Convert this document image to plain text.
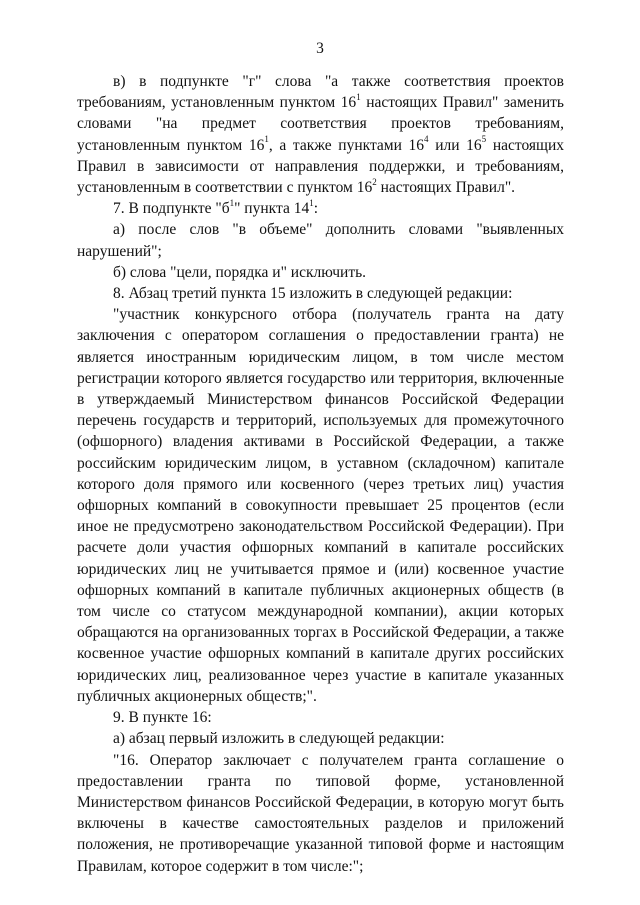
3

в) в подпункте "г" слова "а также соответствия проектов требованиям, установленным пунктом $16^1$ настоящих Правил" заменить словами "на предмет соответствия проектов требованиям, установленным пунктом $16^1$, а также пунктами $16^4$ или $16^5$ настоящих Правил в зависимости от направления поддержки, и требованиям, установленным в соответствии с пунктом $16^2$ настоящих Правил".

7. В подпункте "$б^1$" пункта $14^1$:

а) после слов "в объеме" дополнить словами "выявленных нарушений";

б) слова "цели, порядка и" исключить.

8. Абзац третий пункта 15 изложить в следующей редакции:

"участник конкурсного отбора (получатель гранта на дату заключения с оператором соглашения о предоставлении гранта) не является иностранным юридическим лицом, в том числе местом регистрации которого является государство или территория, включенные в утверждаемый Министерством финансов Российской Федерации перечень государств и территорий, используемых для промежуточного (офшорного) владения активами в Российской Федерации, а также российским юридическим лицом, в уставном (складочном) капитале которого доля прямого или косвенного (через третьих лиц) участия офшорных компаний в совокупности превышает 25 процентов (если иное не предусмотрено законодательством Российской Федерации). При расчете доли участия офшорных компаний в капитале российских юридических лиц не учитывается прямое и (или) косвенное участие офшорных компаний в капитале публичных акционерных обществ (в том числе со статусом международной компании), акции которых обращаются на организованных торгах в Российской Федерации, а также косвенное участие офшорных компаний в капитале других российских юридических лиц, реализованное через участие в капитале указанных публичных акционерных обществ;".

9. В пункте 16:

а) абзац первый изложить в следующей редакции:

"16. Оператор заключает с получателем гранта соглашение о предоставлении гранта по типовой форме, установленной Министерством финансов Российской Федерации, в которую могут быть включены в качестве самостоятельных разделов и приложений положения, не противоречащие указанной типовой форме и настоящим Правилам, которое содержит в том числе:";
